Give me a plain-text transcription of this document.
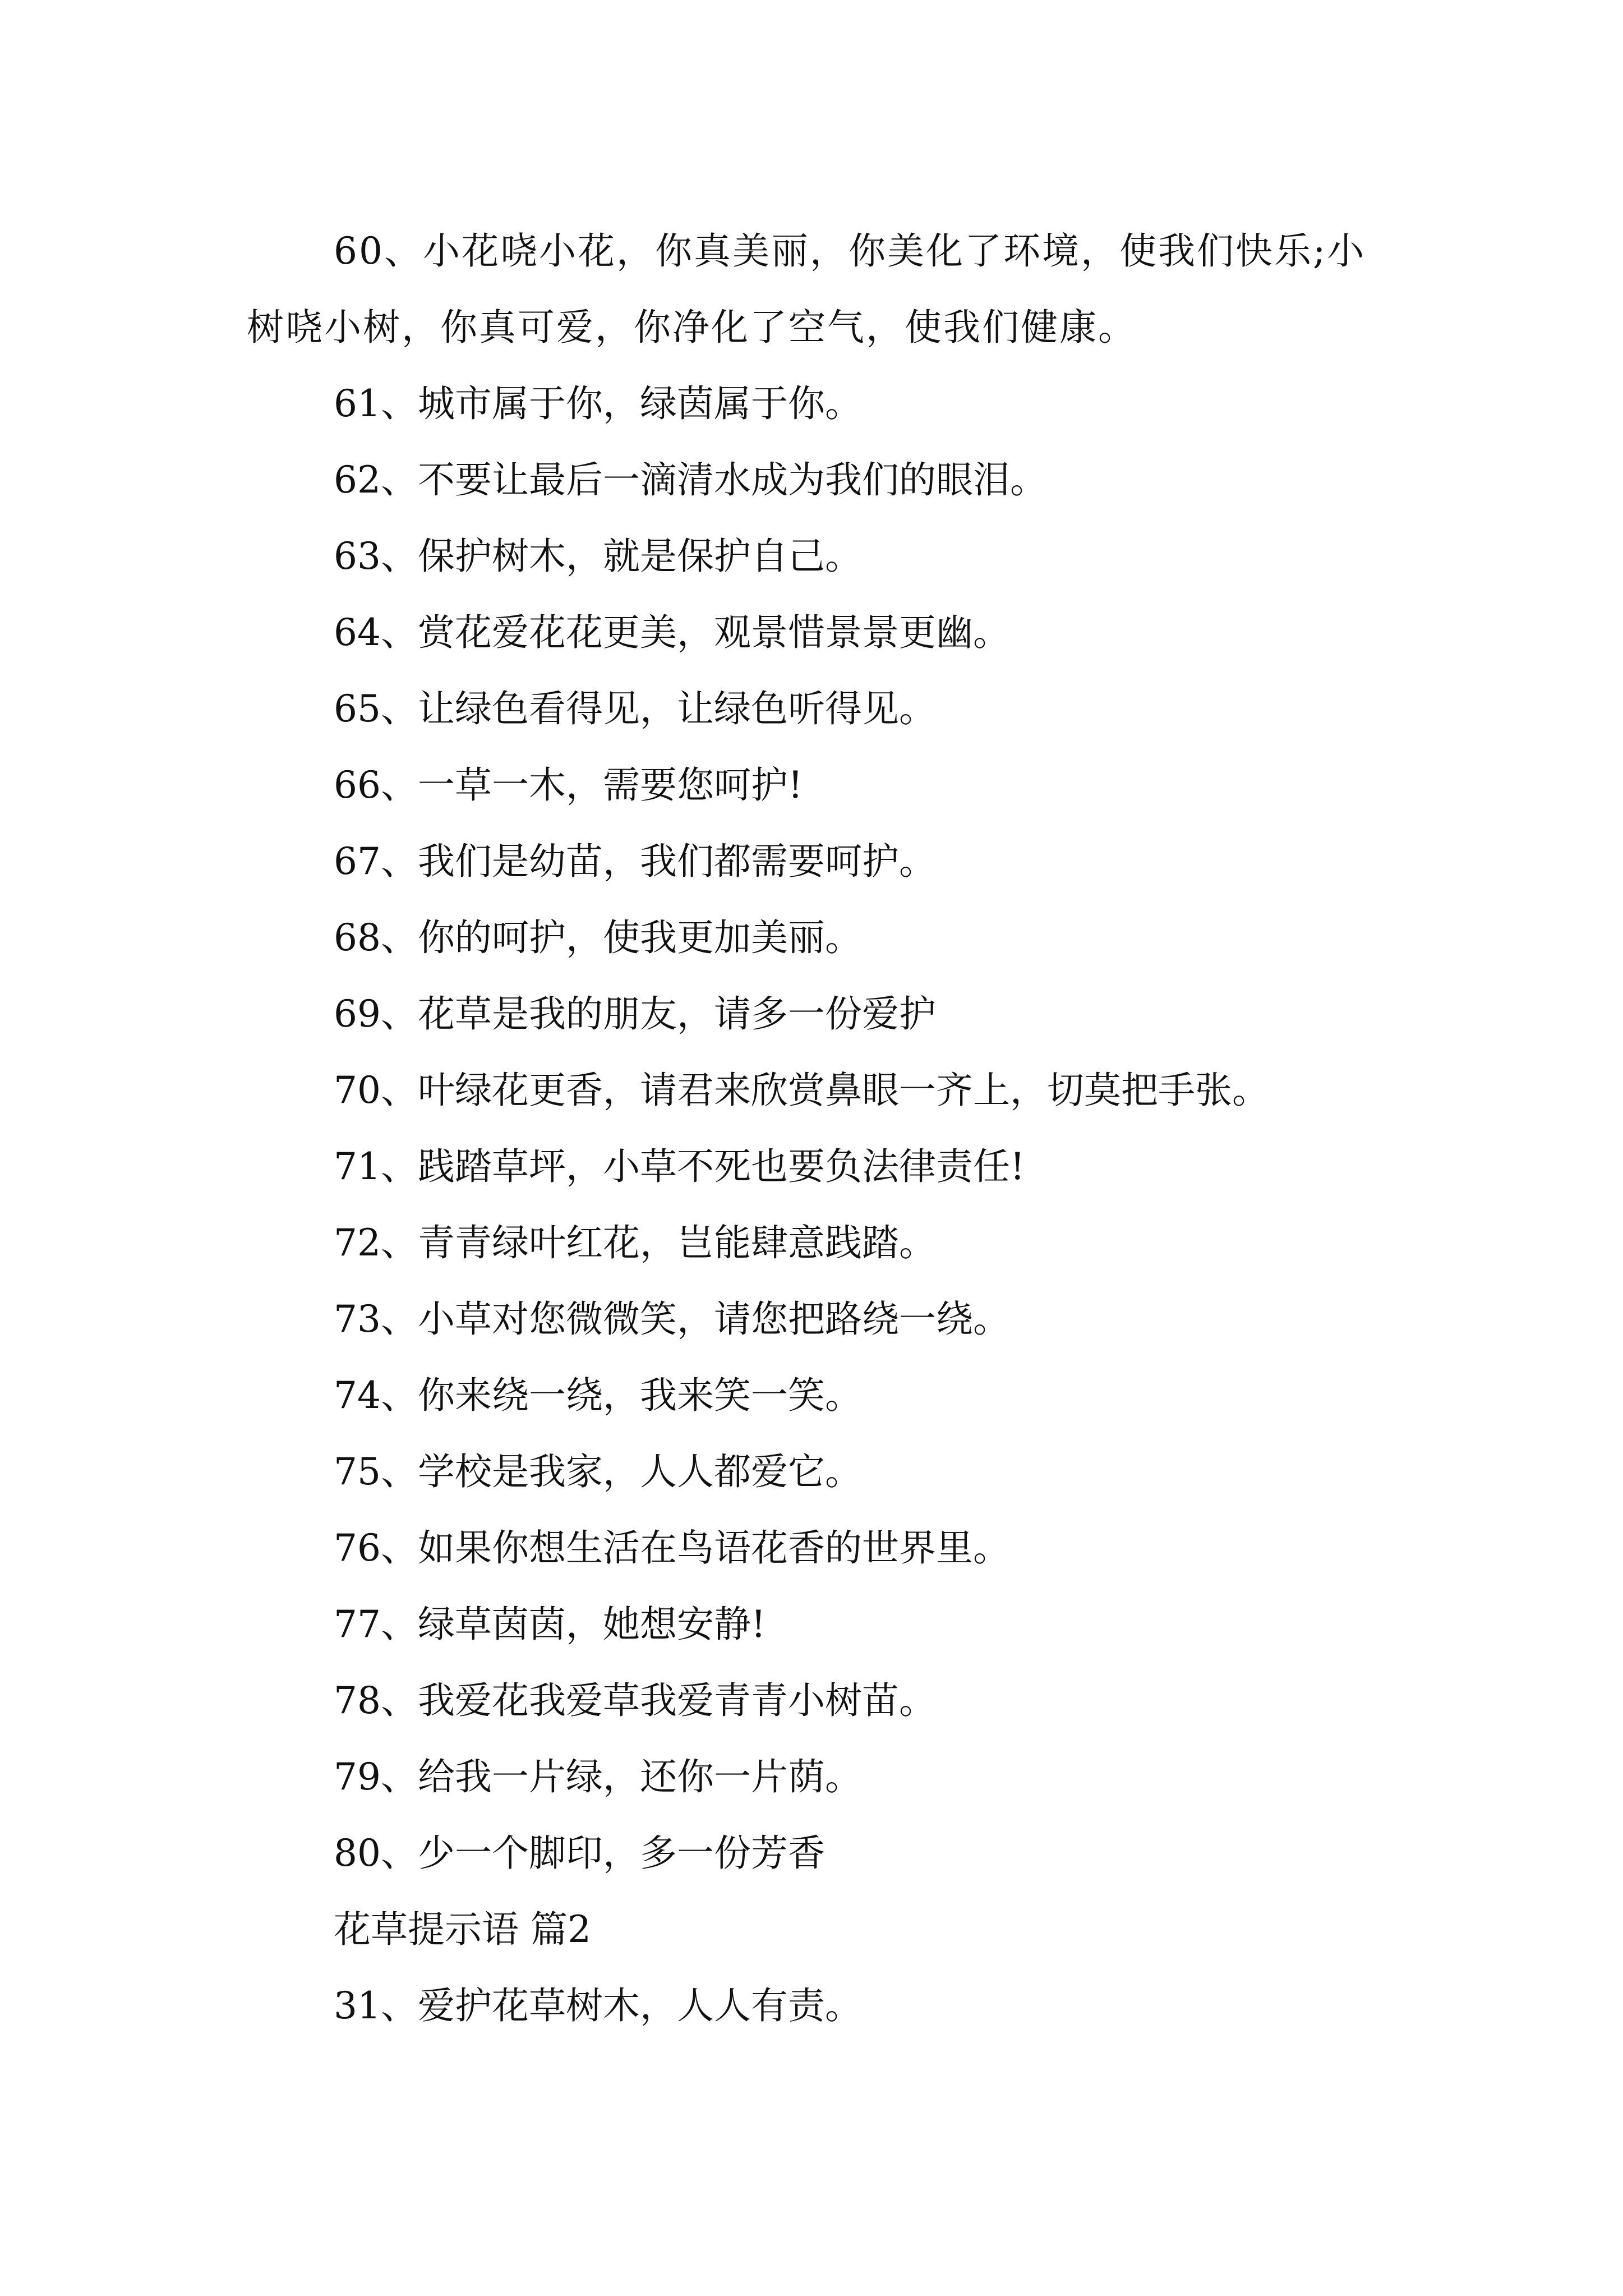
60、小花哓小花，你真美丽，你美化了环境，使我们快乐;小树哓小树，你真可爱，你净化了空气，使我们健康。
61、城市属于你，绿茵属于你。
62、不要让最后一滴清水成为我们的眼泪。
63、保护树木，就是保护自己。
64、赏花爱花花更美，观景惜景景更幽。
65、让绿色看得见，让绿色听得见。
66、一草一木，需要您呵护!
67、我们是幼苗，我们都需要呵护。
68、你的呵护，使我更加美丽。
69、花草是我的朋友，请多一份爱护
70、叶绿花更香，请君来欣赏鼻眼一齐上，切莫把手张。
71、践踏草坪，小草不死也要负法律责任!
72、青青绿叶红花，岂能肆意践踏。
73、小草对您微微笑，请您把路绕一绕。
74、你来绕一绕，我来笑一笑。
75、学校是我家，人人都爱它。
76、如果你想生活在鸟语花香的世界里。
77、绿草茵茵，她想安静!
78、我爱花我爱草我爱青青小树苗。
79、给我一片绿，还你一片荫。
80、少一个脚印，多一份芳香
花草提示语 篇2
31、爱护花草树木，人人有责。
